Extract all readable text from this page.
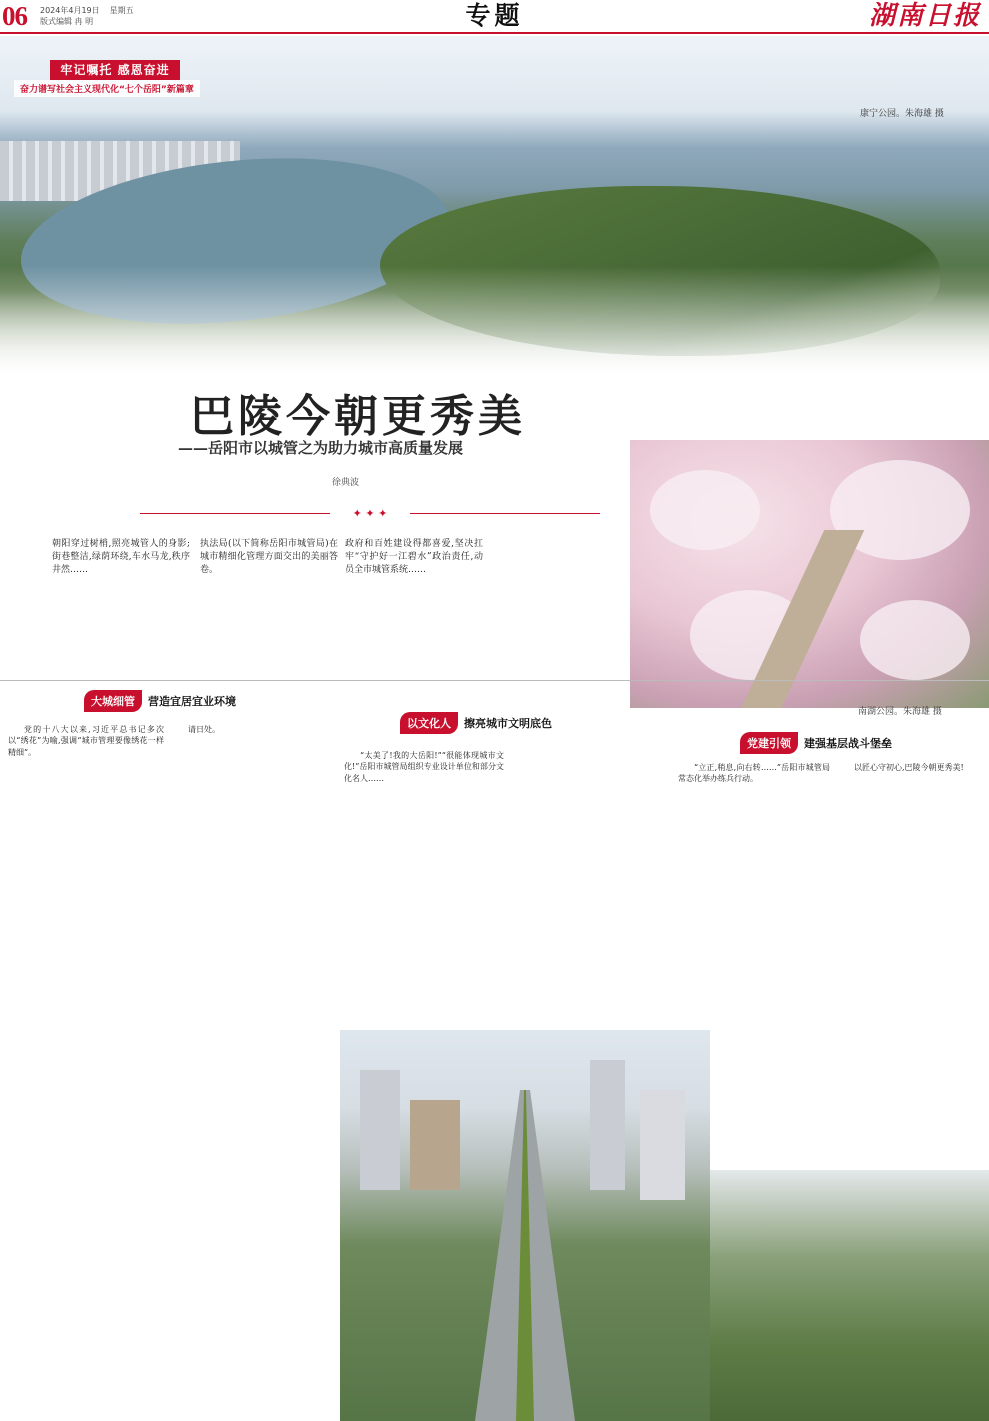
06 2024年4月19日 星期五
版式编辑 冉 明	专题	湖南日报
牢记嘱托 感恩奋进
奋力谱写社会主义现代化“七个岳阳”新篇章
康宁公园。朱海雄 摄
巴陵今朝更秀美
——岳阳市以城管之为助力城市高质量发展
徐典波
南湖公园。朱海雄 摄
✦ ✦ ✦
朝阳穿过树梢,照亮城管人的身影;街巷整洁,绿荫环绕,车水马龙,秩序井然……
执法局(以下简称岳阳市城管局)在城市精细化管理方面交出的美丽答卷。
政府和百姓建设得都喜爱,坚决扛牢“守护好一江碧水”政治责任,动员全市城管系统……
大城细管	营造宜居宜业环境

党的十八大以来,习近平总书记多次以“绣花”为喻,强调“城市管理要像绣花一样精细”。

请日处。	以文化人	擦亮城市文明底色

“太美了!我的大岳阳!”“很能体现城市文化!”岳阳市城管局组织专业设计单位和部分文化名人……

党建引领	建强基层战斗堡垒

“立正,稍息,向右转……”岳阳市城管局常态化举办练兵行动。

以匠心守初心,巴陵今朝更秀美!
